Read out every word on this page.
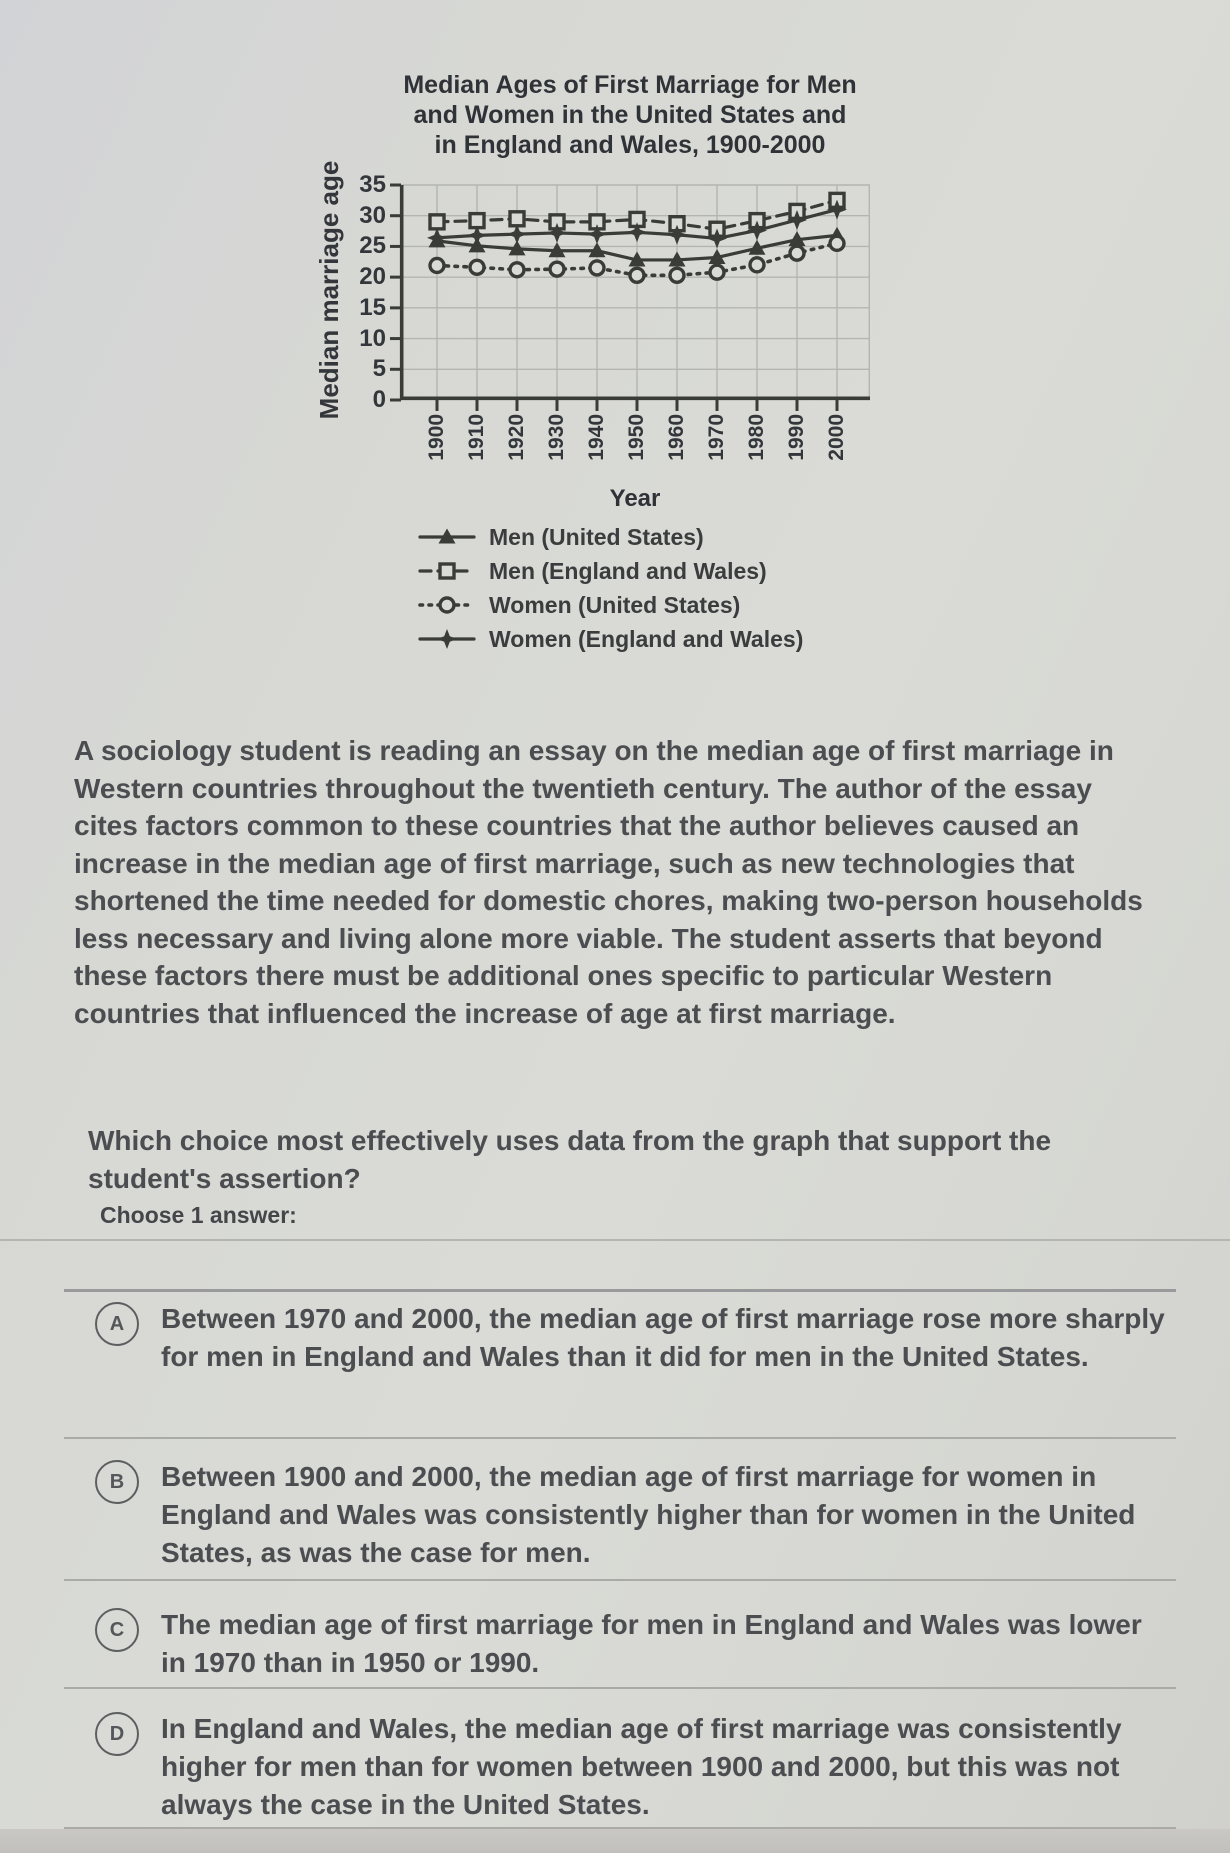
Median Ages of First Marriage for Men
and Women in the United States and
in England and Wales, 1900-2000
Median marriage age	0
5
10
15
20
25
30
35
1900 1910 1920 1930 1940 1950 1960 1970 1980 1990 2000
Year
Men (United States)
Men (England and Wales)
Women (United States)
Women (England and Wales)

A sociology student is reading an essay on the median age of first marriage in Western countries throughout the twentieth century. The author of the essay cites factors common to these countries that the author believes caused an increase in the median age of first marriage, such as new technologies that shortened the time needed for domestic chores, making two-person households less necessary and living alone more viable. The student asserts that beyond these factors there must be additional ones specific to particular Western countries that influenced the increase of age at first marriage.

Which choice most effectively uses data from the graph that support the student's assertion?

Choose 1 answer:
A	Between 1970 and 2000, the median age of first marriage rose more sharply for men in England and Wales than it did for men in the United States.
B	Between 1900 and 2000, the median age of first marriage for women in England and Wales was consistently higher than for women in the United States, as was the case for men.
C	The median age of first marriage for men in England and Wales was lower in 1970 than in 1950 or 1990.
D	In England and Wales, the median age of first marriage was consistently higher for men than for women between 1900 and 2000, but this was not always the case in the United States.
